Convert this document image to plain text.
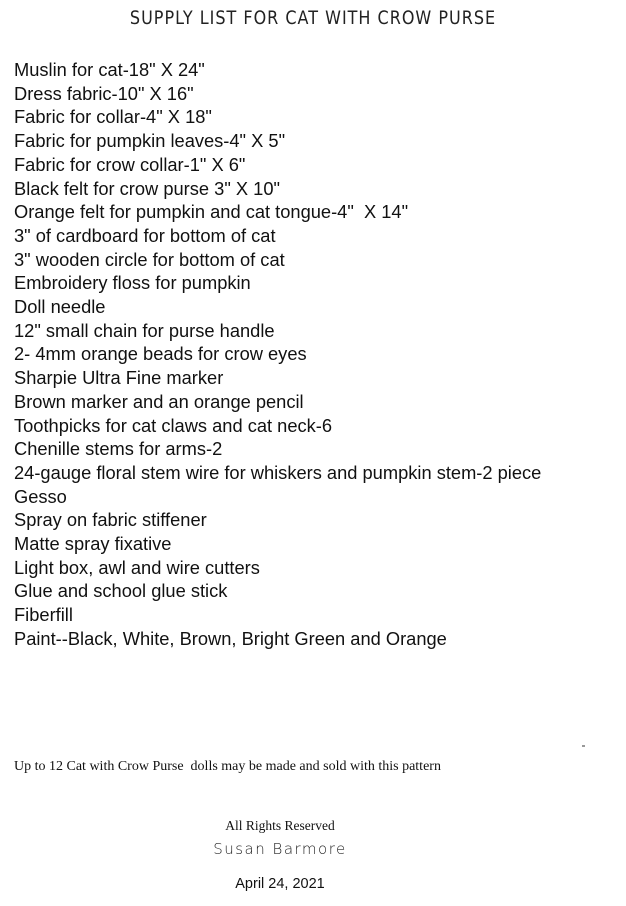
SUPPLY LIST FOR CAT WITH CROW PURSE
Muslin for cat-18" X 24"
Dress fabric-10" X 16"
Fabric for collar-4" X 18"
Fabric for pumpkin leaves-4" X 5"
Fabric for crow collar-1" X 6"
Black felt for crow purse 3" X 10"
Orange felt for pumpkin and cat tongue-4"  X 14"
3" of cardboard for bottom of cat
3" wooden circle for bottom of cat
Embroidery floss for pumpkin
Doll needle
12" small chain for purse handle
2- 4mm orange beads for crow eyes
Sharpie Ultra Fine marker
Brown marker and an orange pencil
Toothpicks for cat claws and cat neck-6
Chenille stems for arms-2
24-gauge floral stem wire for whiskers and pumpkin stem-2 piece
Gesso
Spray on fabric stiffener
Matte spray fixative
Light box, awl and wire cutters
Glue and school glue stick
Fiberfill
Paint--Black, White, Brown, Bright Green and Orange
Up to 12 Cat with Crow Purse  dolls may be made and sold with this pattern
All Rights Reserved
Susan Barmore
April 24, 2021
